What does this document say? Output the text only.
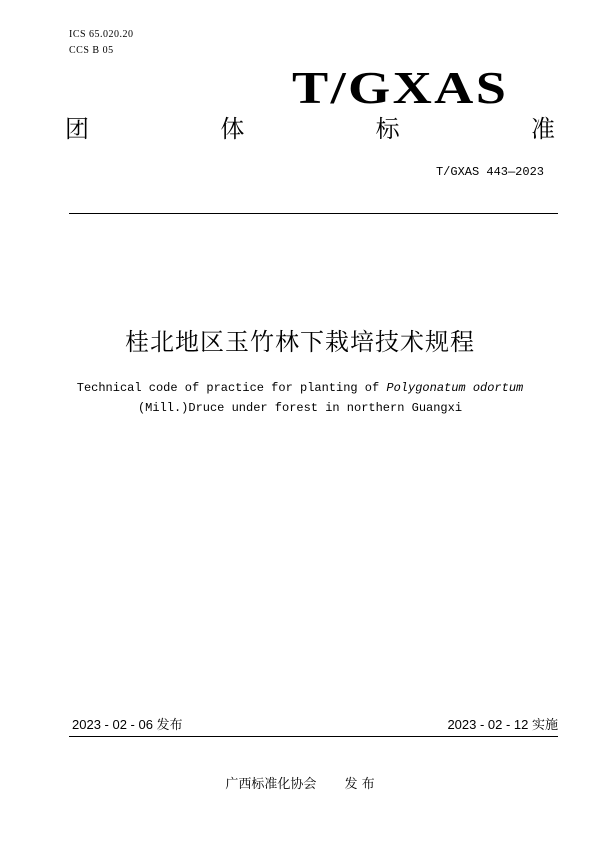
ICS 65.020.20
CCS B 05
T/GXAS
团	体	标	准
T/GXAS 443—2023
桂北地区玉竹林下栽培技术规程
Technical code of practice for planting of Polygonatum odortum
(Mill.)Druce under forest in northern Guangxi
2023 - 02 - 06 发布	2023 - 02 - 12 实施
广西标准化协会 发 布
